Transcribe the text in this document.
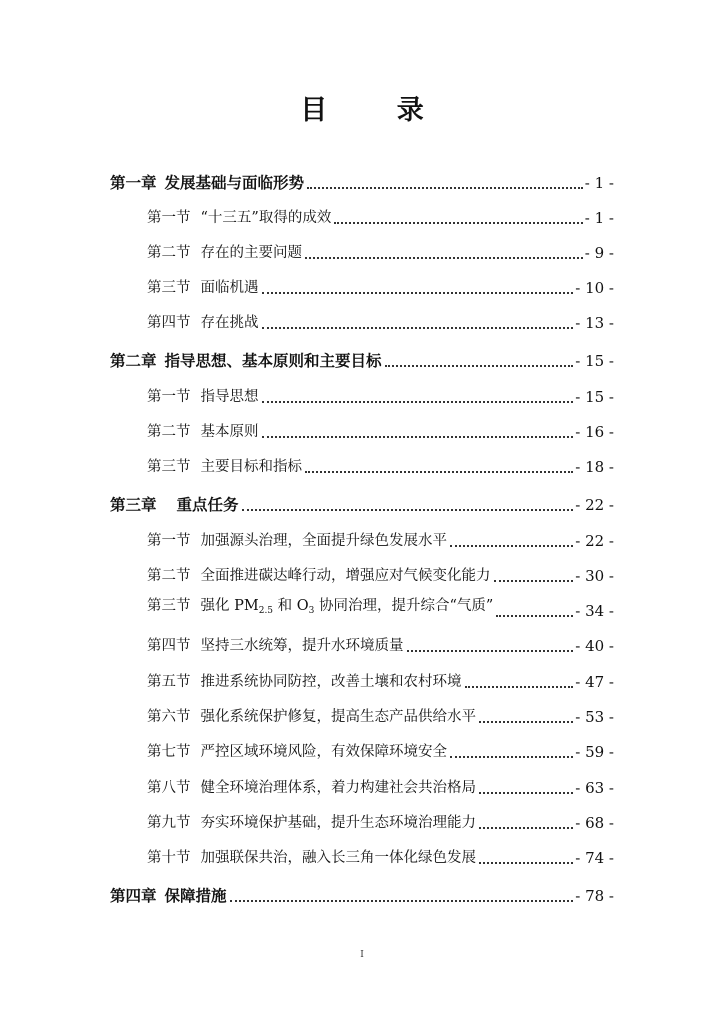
目 录
第一章 发展基础与面临形势	- 1 -
第一节 “十三五”取得的成效	- 1 -
第二节 存在的主要问题	- 9 -
第三节 面临机遇	- 10 -
第四节 存在挑战	- 13 -
第二章 指导思想、基本原则和主要目标	- 15 -
第一节 指导思想	- 15 -
第二节 基本原则	- 16 -
第三节 主要目标和指标	- 18 -
第三章 重点任务	- 22 -
第一节 加强源头治理，全面提升绿色发展水平	- 22 -
第二节 全面推进碳达峰行动，增强应对气候变化能力	- 30 -
第三节 强化 $PM_{2.5}$ 和 $O_3$ 协同治理，提升综合“气质”	- 34 -
第四节 坚持三水统筹，提升水环境质量	- 40 -
第五节 推进系统协同防控，改善土壤和农村环境	- 47 -
第六节 强化系统保护修复，提高生态产品供给水平	- 53 -
第七节 严控区域环境风险，有效保障环境安全	- 59 -
第八节 健全环境治理体系，着力构建社会共治格局	- 63 -
第九节 夯实环境保护基础，提升生态环境治理能力	- 68 -
第十节 加强联保共治，融入长三角一体化绿色发展	- 74 -
第四章 保障措施	- 78 -
I
